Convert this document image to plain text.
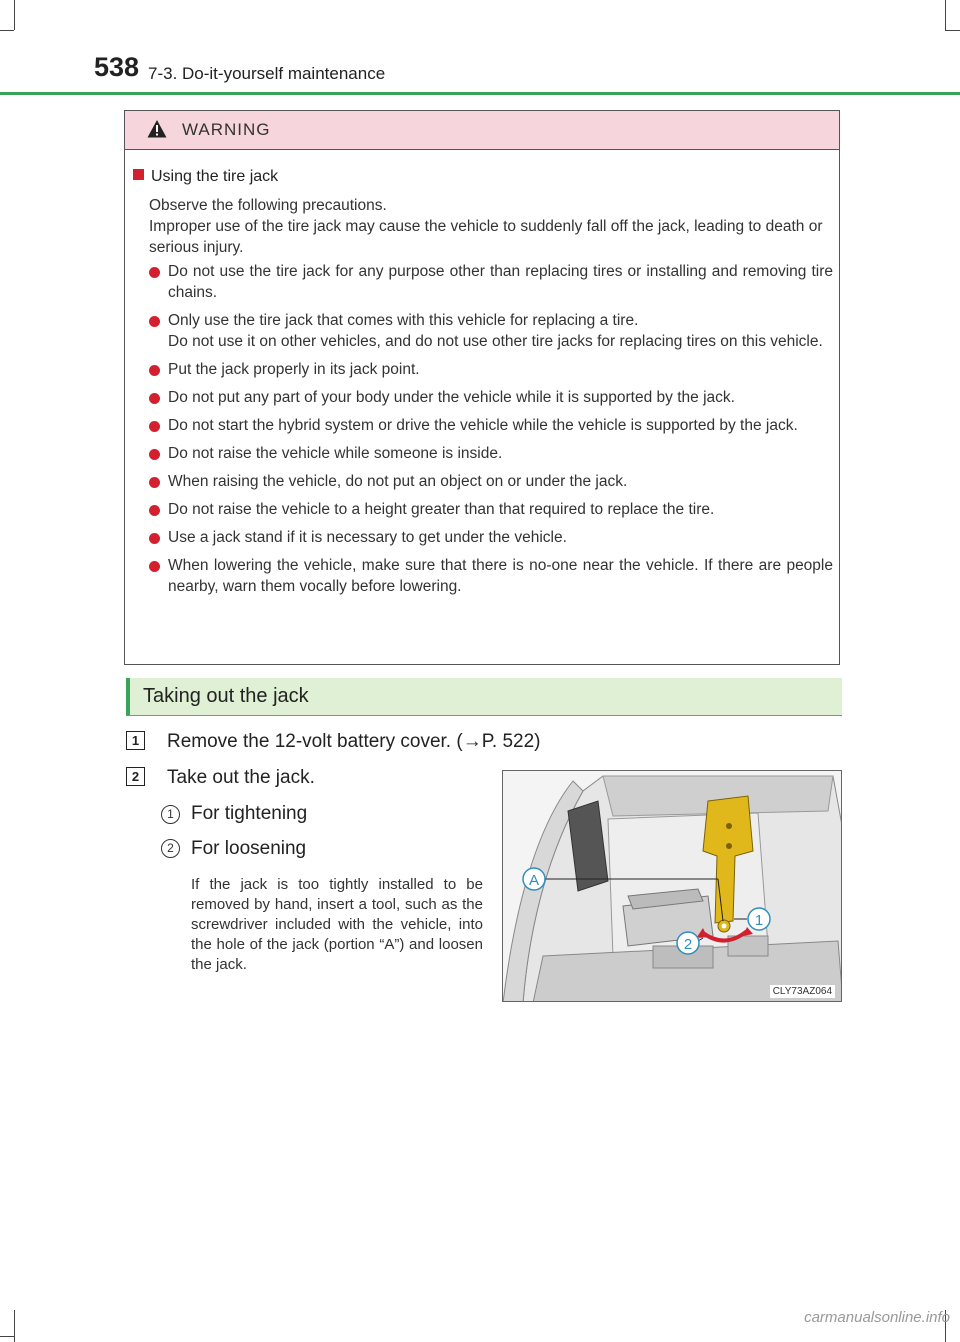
538 7-3. Do-it-yourself maintenance
WARNING
Using the tire jack
Observe the following precautions.
Improper use of the tire jack may cause the vehicle to suddenly fall off the jack, leading to death or serious injury.
Do not use the tire jack for any purpose other than replacing tires or installing and removing tire chains.
Only use the tire jack that comes with this vehicle for replacing a tire.
Do not use it on other vehicles, and do not use other tire jacks for replacing tires on this vehicle.
Put the jack properly in its jack point.
Do not put any part of your body under the vehicle while it is supported by the jack.
Do not start the hybrid system or drive the vehicle while the vehicle is supported by the jack.
Do not raise the vehicle while someone is inside.
When raising the vehicle, do not put an object on or under the jack.
Do not raise the vehicle to a height greater than that required to replace the tire.
Use a jack stand if it is necessary to get under the vehicle.
When lowering the vehicle, make sure that there is no-one near the vehicle. If there are people nearby, warn them vocally before lowering.
Taking out the jack
1	Remove the 12-volt battery cover. (→P. 522)
2	Take out the jack.
1 For tightening
2 For loosening
If the jack is too tightly installed to be removed by hand, insert a tool, such as the screwdriver included with the vehicle, into the hole of the jack (portion “A”) and loosen the jack.
A
1
2
CLY73AZ064
carmanualsonline.info
